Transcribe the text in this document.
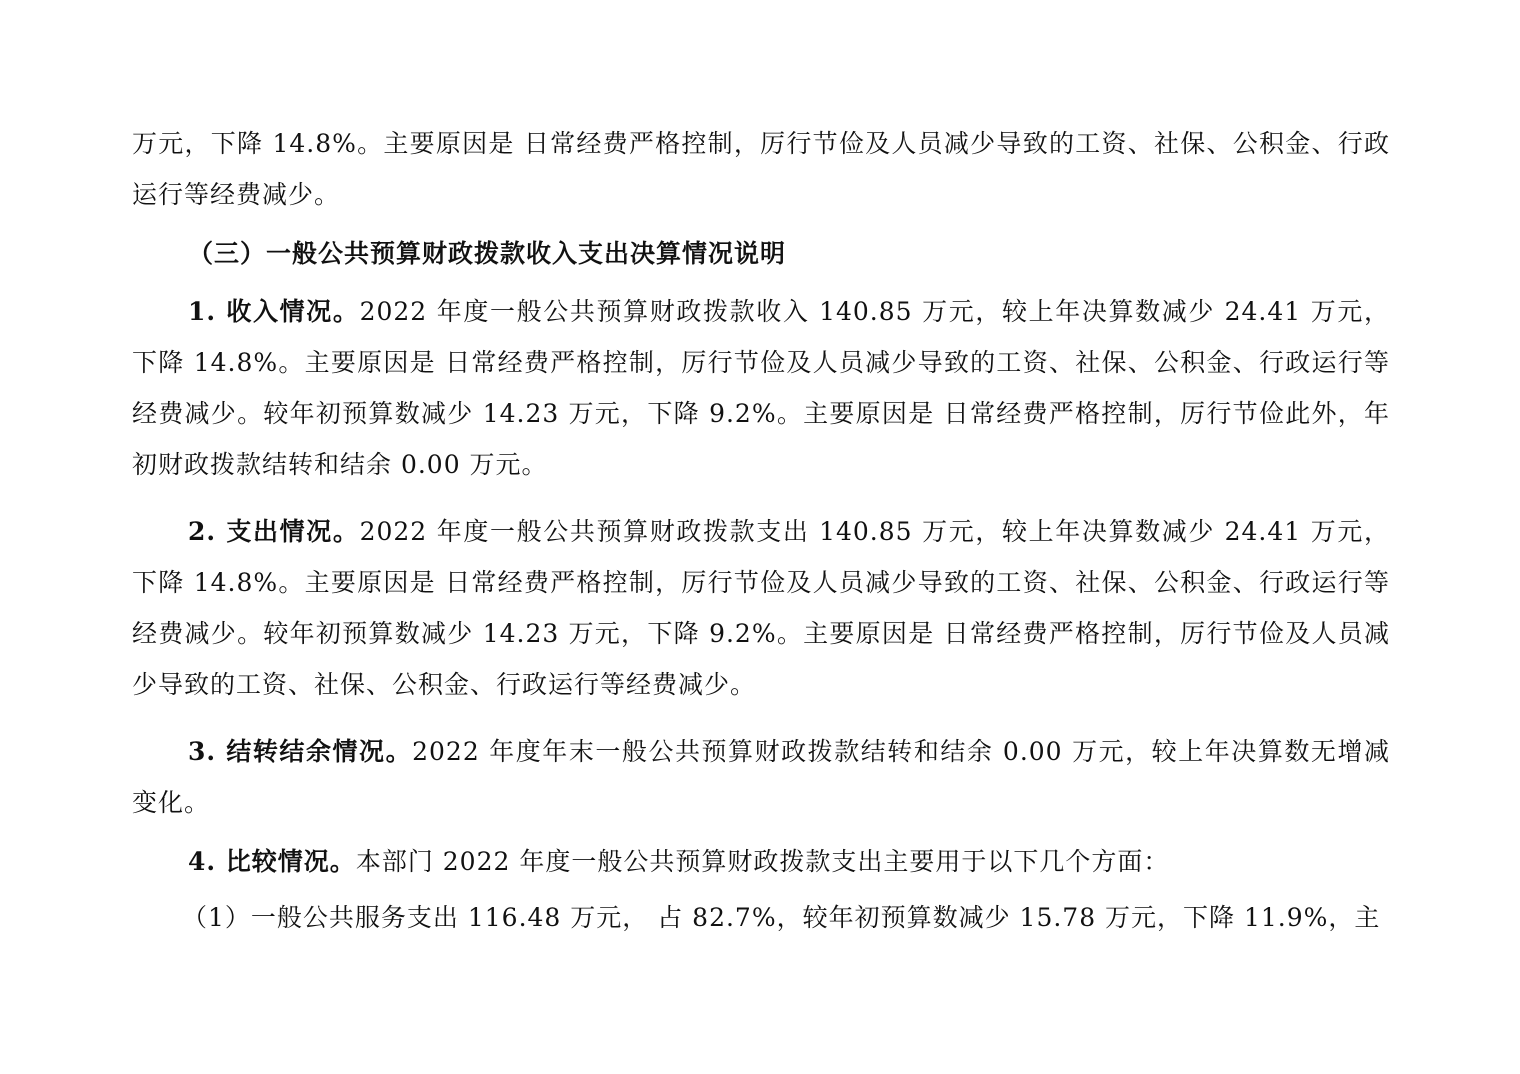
万元，下降 14.8%。主要原因是 日常经费严格控制，厉行节俭及人员减少导致的工资、社保、公积金、行政运行等经费减少。
（三）一般公共预算财政拨款收入支出决算情况说明
1. 收入情况。2022 年度一般公共预算财政拨款收入 140.85 万元，较上年决算数减少 24.41 万元，下降 14.8%。主要原因是 日常经费严格控制，厉行节俭及人员减少导致的工资、社保、公积金、行政运行等经费减少。较年初预算数减少 14.23 万元，下降 9.2%。主要原因是 日常经费严格控制，厉行节俭此外，年初财政拨款结转和结余 0.00 万元。
2. 支出情况。2022 年度一般公共预算财政拨款支出 140.85 万元，较上年决算数减少 24.41 万元，下降 14.8%。主要原因是 日常经费严格控制，厉行节俭及人员减少导致的工资、社保、公积金、行政运行等经费减少。较年初预算数减少 14.23 万元，下降 9.2%。主要原因是 日常经费严格控制，厉行节俭及人员减少导致的工资、社保、公积金、行政运行等经费减少。
3. 结转结余情况。2022 年度年末一般公共预算财政拨款结转和结余 0.00 万元，较上年决算数无增减变化。
4. 比较情况。本部门 2022 年度一般公共预算财政拨款支出主要用于以下几个方面：
（1）一般公共服务支出 116.48 万元， 占 82.7%，较年初预算数减少 15.78 万元，下降 11.9%，主
